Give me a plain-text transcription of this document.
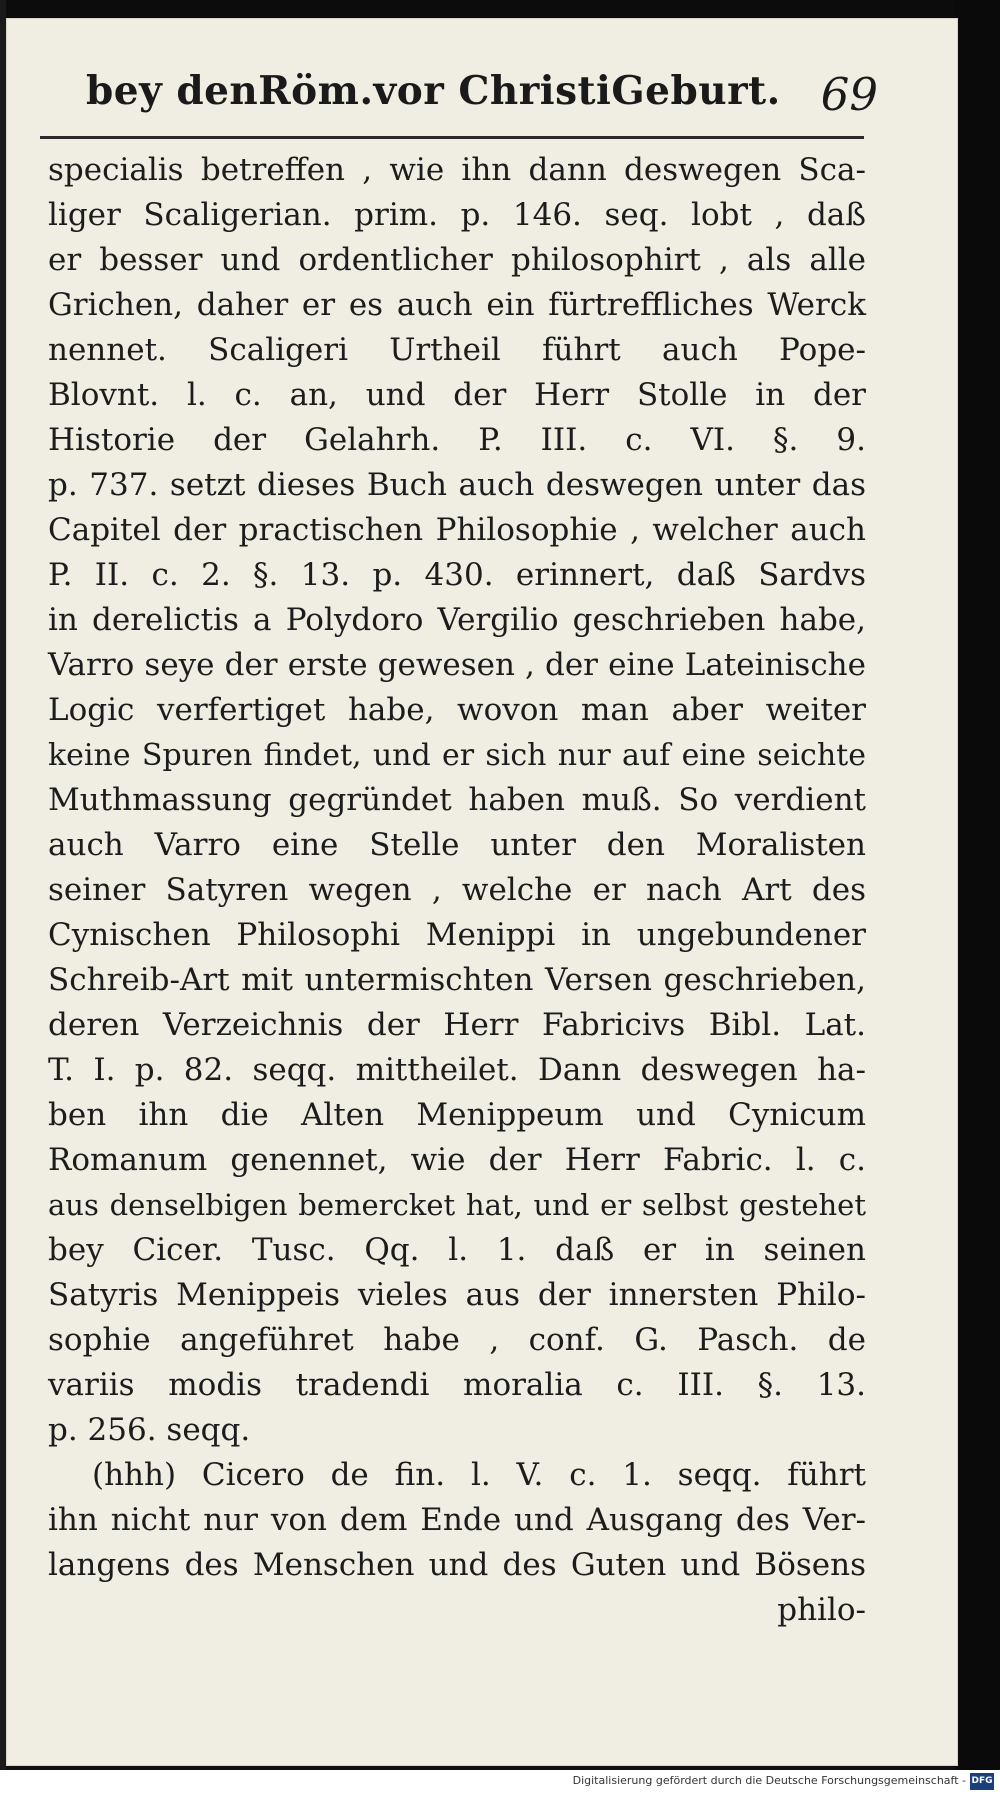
bey denRöm.vor ChristiGeburt. 69
specialis betreffen , wie ihn dann deswegen Sca-
liger Scaligerian. prim. p. 146. seq. lobt , daß
er besser und ordentlicher philosophirt , als alle
Grichen, daher er es auch ein fürtreffliches Werck
nennet. Scaligeri Urtheil führt auch Pope-
Blovnt. l. c. an, und der Herr Stolle in der
Historie der Gelahrh. P. III. c. VI. §. 9.
p. 737. setzt dieses Buch auch deswegen unter das
Capitel der practischen Philosophie , welcher auch
P. II. c. 2. §. 13. p. 430. erinnert, daß Sardvs
in derelictis a Polydoro Vergilio geschrieben habe,
Varro seye der erste gewesen , der eine Lateinische
Logic verfertiget habe, wovon man aber weiter
keine Spuren findet, und er sich nur auf eine seichte
Muthmassung gegründet haben muß. So verdient
auch Varro eine Stelle unter den Moralisten
seiner Satyren wegen , welche er nach Art des
Cynischen Philosophi Menippi in ungebundener
Schreib-Art mit untermischten Versen geschrieben,
deren Verzeichnis der Herr Fabricivs Bibl. Lat.
T. I. p. 82. seqq. mittheilet. Dann deswegen ha-
ben ihn die Alten Menippeum und Cynicum
Romanum genennet, wie der Herr Fabric. l. c.
aus denselbigen bemercket hat, und er selbst gestehet
bey Cicer. Tusc. Qq. l. 1. daß er in seinen
Satyris Menippeis vieles aus der innersten Philo-
sophie angeführet habe , conf. G. Pasch. de
variis modis tradendi moralia c. III. §. 13.
p. 256. seqq.
(hhh) Cicero de fin. l. V. c. 1. seqq. führt
ihn nicht nur von dem Ende und Ausgang des Ver-
langens des Menschen und des Guten und Bösens
philo-
Digitalisierung gefördert durch die Deutsche Forschungsgemeinschaft - DFG
